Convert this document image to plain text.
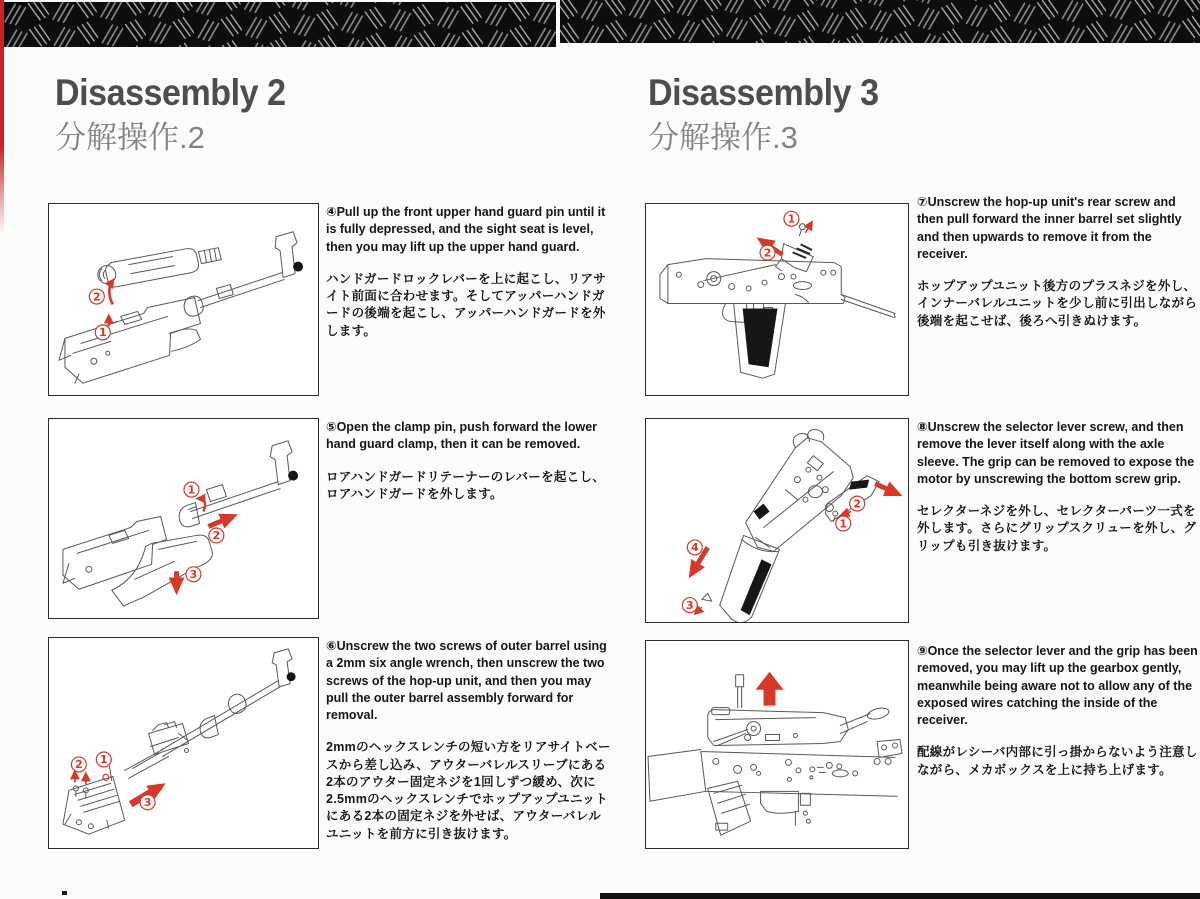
Disassembly 2
分解操作.2
1
2

④Pull up the front upper hand guard pin until it is fully depressed, and the sight seat is level, then you may lift up the upper hand guard.

ハンドガードロックレバーを上に起こし、リアサイト前面に合わせます。そしてアッパーハンドガードの後端を起こし、アッパーハンドガードを外します。

1
2
3

⑤Open the clamp pin, push forward the lower hand guard clamp, then it can be removed.

ロアハンドガードリテーナーのレバーを起こし、ロアハンドガードを外します。

2 1
3

⑥Unscrew the two screws of outer barrel using a 2mm six angle wrench, then unscrew the two screws of the hop-up unit, and then you may pull the outer barrel assembly forward for removal.

2mmのヘックスレンチの短い方をリアサイトベースから差し込み、アウターバレルスリーブにある2本のアウター固定ネジを1回しずつ緩め、次に2.5mmのヘックスレンチでホップアップユニットにある2本の固定ネジを外せば、アウターバレルユニットを前方に引き抜けます。

Disassembly 3
分解操作.3
1
2

⑦Unscrew the hop-up unit's rear screw and then pull forward the inner barrel set slightly and then upwards to remove it from the receiver.

ホップアップユニット後方のプラスネジを外し、インナーバレルユニットを少し前に引出しながら後端を起こせば、後ろへ引きぬけます。

1
2
3
4

⑧Unscrew the selector lever screw, and then remove the lever itself along with the axle sleeve. The grip can be removed to expose the motor by unscrewing the bottom screw grip.

セレクターネジを外し、セレクターパーツ一式を外します。さらにグリップスクリューを外し、グリップも引き抜けます。

⑨Once the selector lever and the grip has been removed, you may lift up the gearbox gently, meanwhile being aware not to allow any of the exposed wires catching the inside of the receiver.

配線がレシーバ内部に引っ掛からないよう注意しながら、メカボックスを上に持ち上げます。
